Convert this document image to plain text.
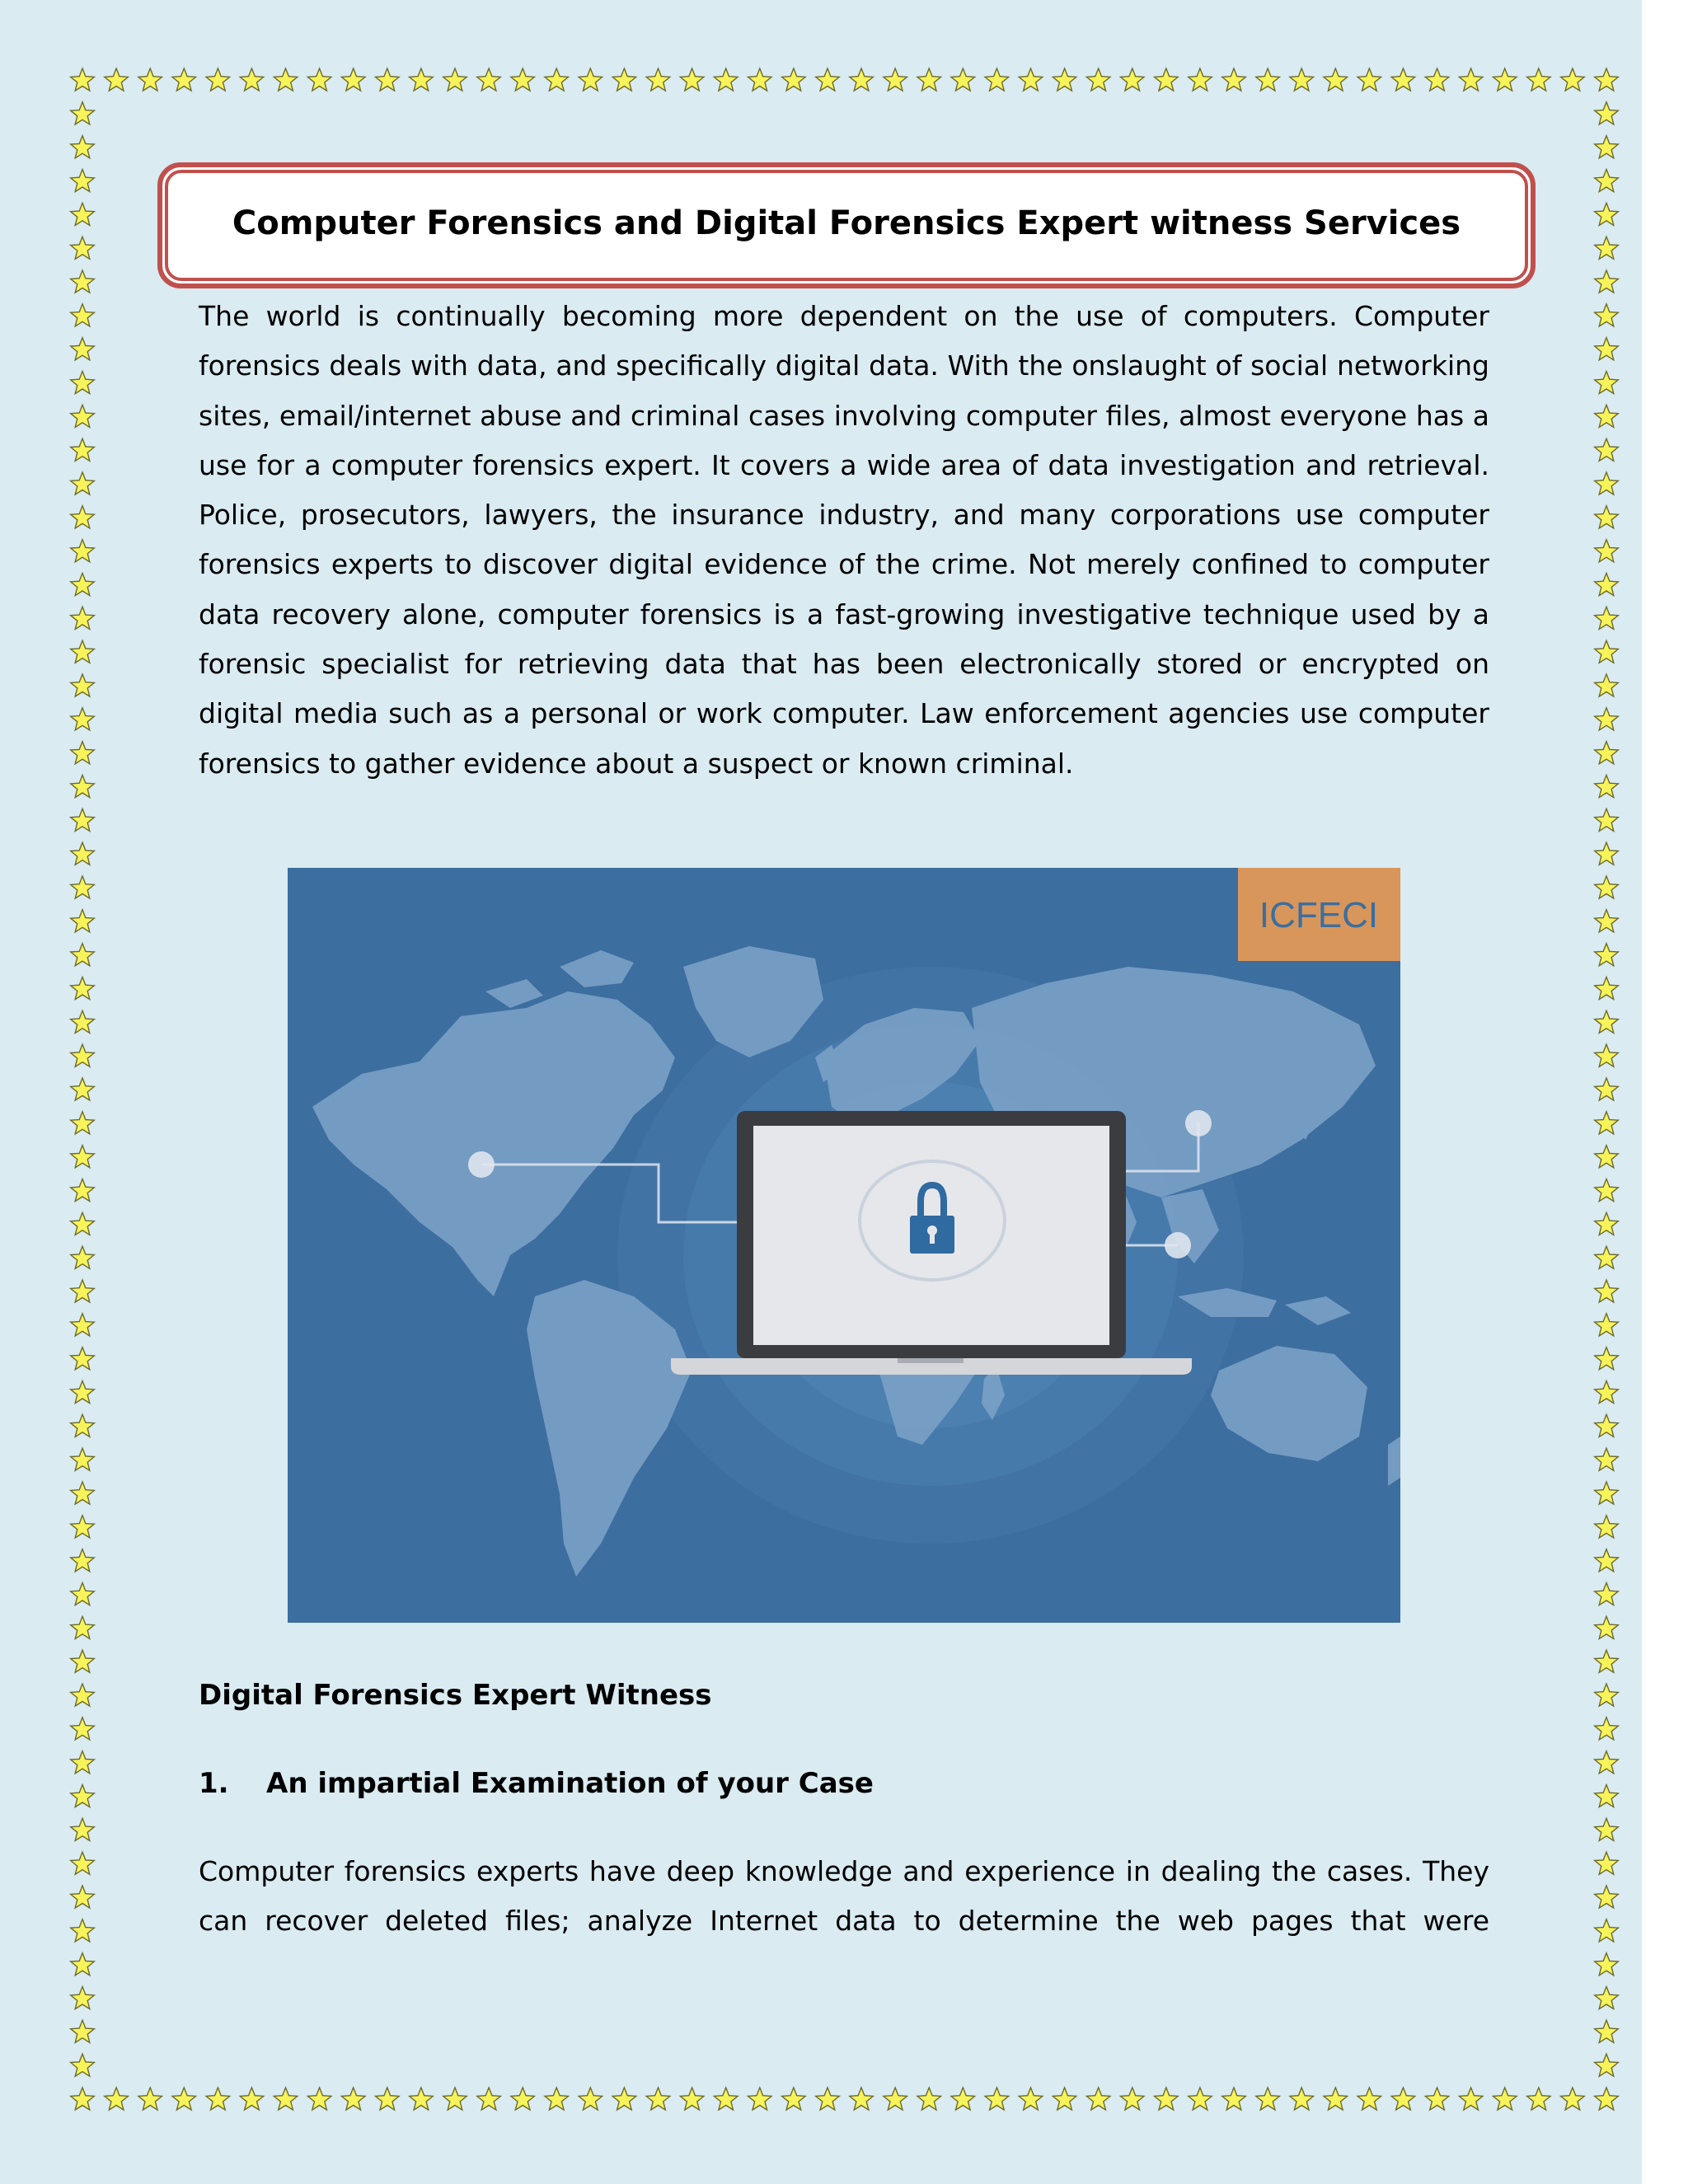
Computer Forensics and Digital Forensics Expert witness Services

The world is continually becoming more dependent on the use of computers. Computer forensics deals with data, and specifically digital data. With the onslaught of social networking sites, email/internet abuse and criminal cases involving computer files, almost everyone has a use for a computer forensics expert. It covers a wide area of data investigation and retrieval. Police, prosecutors, lawyers, the insurance industry, and many corporations use computer forensics experts to discover digital evidence of the crime. Not merely confined to computer data recovery alone, computer forensics is a fast-growing investigative technique used by a forensic specialist for retrieving data that has been electronically stored or encrypted on digital media such as a personal or work computer. Law enforcement agencies use computer forensics to gather evidence about a suspect or known criminal.

ICFECI
Digital Forensics Expert Witness
1.	An impartial Examination of your Case

Computer forensics experts have deep knowledge and experience in dealing the cases. They can recover deleted files; analyze Internet data to determine the web pages that were
